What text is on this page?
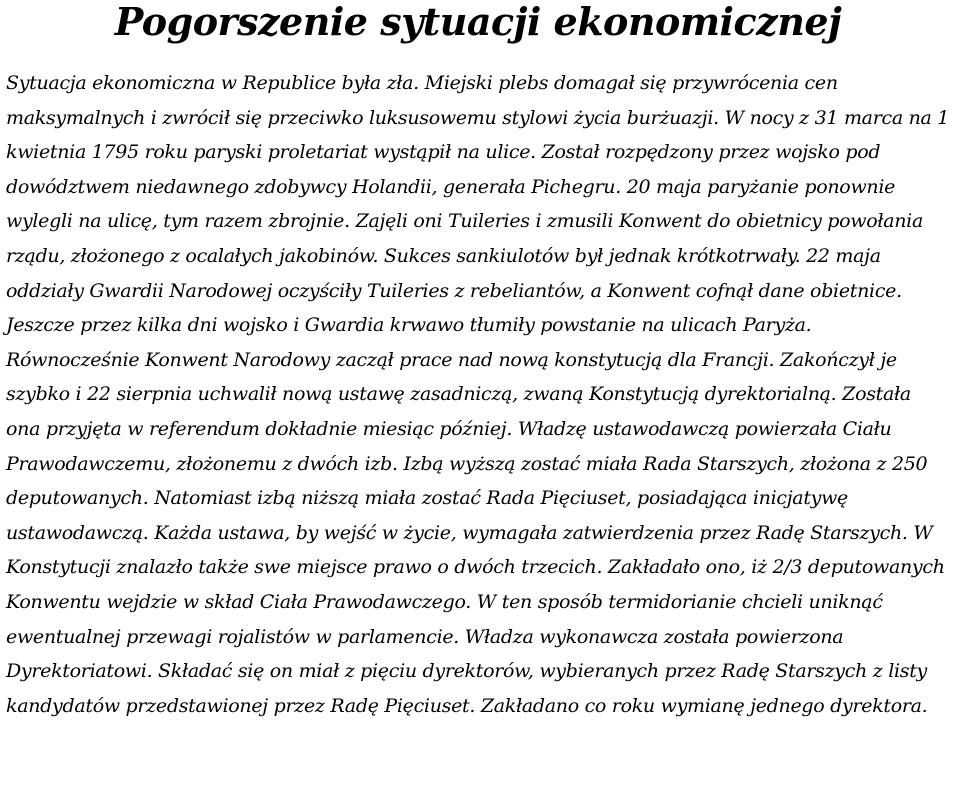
Pogorszenie sytuacji ekonomicznej

Sytuacja ekonomiczna w Republice była zła. Miejski plebs domagał się przywrócenia cen maksymalnych i zwrócił się przeciwko luksusowemu stylowi życia burżuazji. W nocy z 31 marca na 1 kwietnia 1795 roku paryski proletariat wystąpił na ulice. Został rozpędzony przez wojsko pod dowództwem niedawnego zdobywcy Holandii, generała Pichegru. 20 maja paryżanie ponownie wylegli na ulicę, tym razem zbrojnie. Zajęli oni Tuileries i zmusili Konwent do obietnicy powołania rządu, złożonego z ocalałych jakobinów. Sukces sankiulotów był jednak krótkotrwały. 22 maja oddziały Gwardii Narodowej oczyściły Tuileries z rebeliantów, a Konwent cofnął dane obietnice. Jeszcze przez kilka dni wojsko i Gwardia krwawo tłumiły powstanie na ulicach Paryża. Równocześnie Konwent Narodowy zaczął prace nad nową konstytucją dla Francji. Zakończył je szybko i 22 sierpnia uchwalił nową ustawę zasadniczą, zwaną Konstytucją dyrektorialną. Została ona przyjęta w referendum dokładnie miesiąc później. Władzę ustawodawczą powierzała Ciału Prawodawczemu, złożonemu z dwóch izb. Izbą wyższą zostać miała Rada Starszych, złożona z 250 deputowanych. Natomiast izbą niższą miała zostać Rada Pięciuset, posiadająca inicjatywę ustawodawczą. Każda ustawa, by wejść w życie, wymagała zatwierdzenia przez Radę Starszych. W Konstytucji znalazło także swe miejsce prawo o dwóch trzecich. Zakładało ono, iż 2/3 deputowanych Konwentu wejdzie w skład Ciała Prawodawczego. W ten sposób termidorianie chcieli uniknąć ewentualnej przewagi rojalistów w parlamencie. Władza wykonawcza została powierzona Dyrektoriatowi. Składać się on miał z pięciu dyrektorów, wybieranych przez Radę Starszych z listy kandydatów przedstawionej przez Radę Pięciuset. Zakładano co roku wymianę jednego dyrektora.
